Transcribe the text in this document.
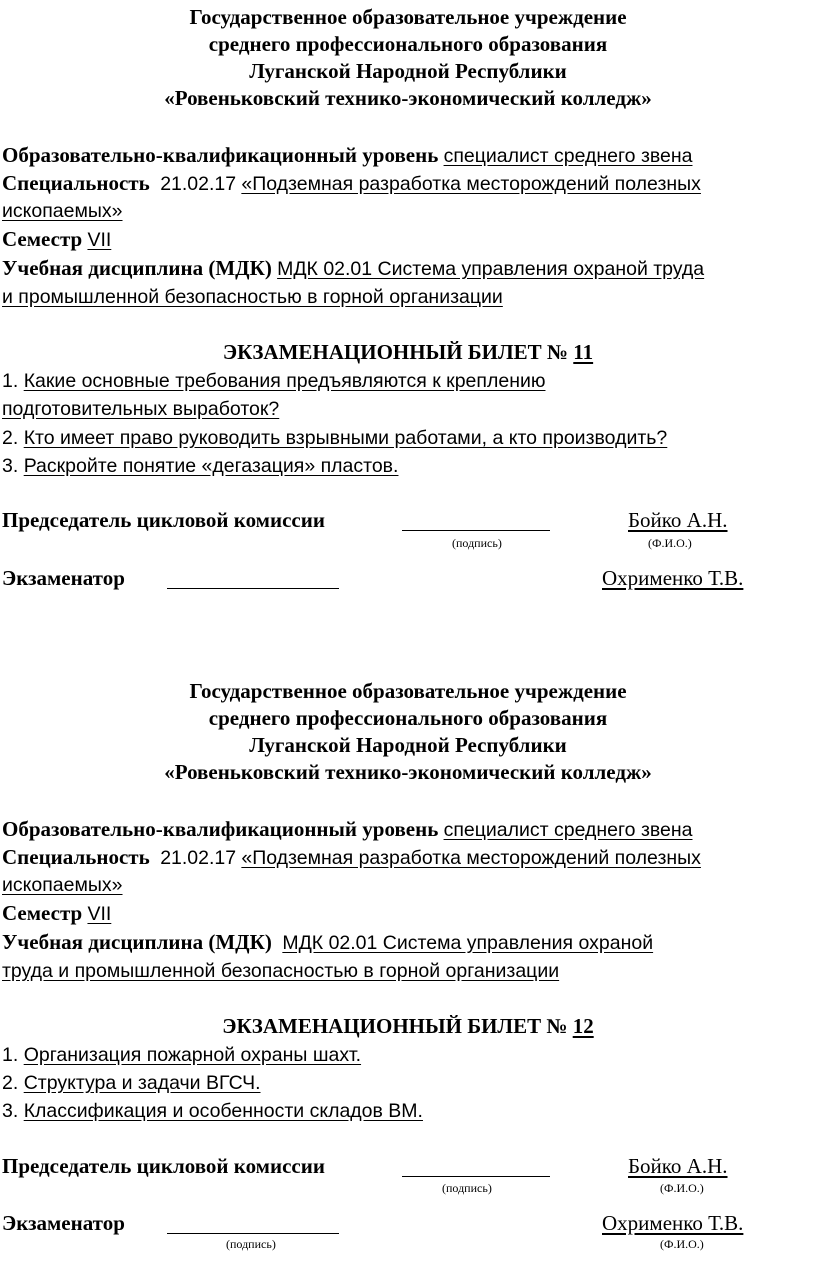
Государственное образовательное учреждение
среднего профессионального образования
Луганской Народной Республики
«Ровеньковский технико-экономический колледж»
Образовательно-квалификационный уровень специалист среднего звена
Специальность 21.02.17 «Подземная разработка месторождений полезных
ископаемых»
Семестр VII
Учебная дисциплина (МДК) МДК 02.01 Система управления охраной труда
и промышленной безопасностью в горной организации
ЭКЗАМЕНАЦИОННЫЙ БИЛЕТ № 11
1. Какие основные требования предъявляются к креплению
подготовительных выработок?
2. Кто имеет право руководить взрывными работами, а кто производить?
3. Раскройте понятие «дегазация» пластов.
Председатель цикловой комиссии	Бойко А.Н.
(подпись)	(Ф.И.О.)
Экзаменатор	Охрименко Т.В.
Государственное образовательное учреждение
среднего профессионального образования
Луганской Народной Республики
«Ровеньковский технико-экономический колледж»
Образовательно-квалификационный уровень специалист среднего звена
Специальность 21.02.17 «Подземная разработка месторождений полезных
ископаемых»
Семестр VII
Учебная дисциплина (МДК) МДК 02.01 Система управления охраной
труда и промышленной безопасностью в горной организации
ЭКЗАМЕНАЦИОННЫЙ БИЛЕТ № 12
1. Организация пожарной охраны шахт.
2. Структура и задачи ВГСЧ.
3. Классификация и особенности складов ВМ.
Председатель цикловой комиссии	Бойко А.Н.
(подпись)	(Ф.И.О.)
Экзаменатор	Охрименко Т.В.
(подпись)	(Ф.И.О.)
